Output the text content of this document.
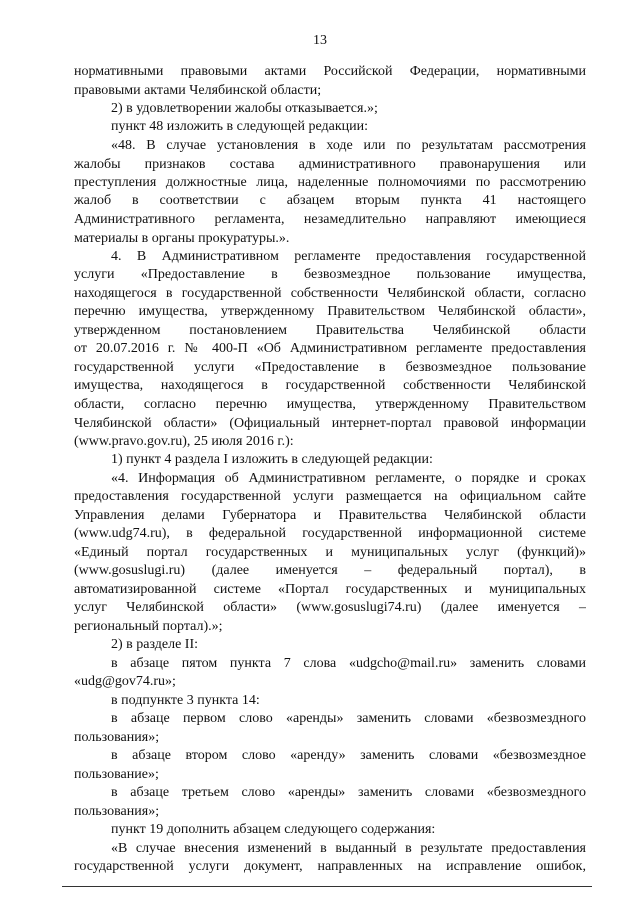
13
нормативными правовыми актами Российской Федерации, нормативными
правовыми актами Челябинской области;
2) в удовлетворении жалобы отказывается.»;
пункт 48 изложить в следующей редакции:
«48. В случае установления в ходе или по результатам рассмотрения
жалобы признаков состава административного правонарушения или
преступления должностные лица, наделенные полномочиями по рассмотрению
жалоб в соответствии с абзацем вторым пункта 41 настоящего
Административного регламента, незамедлительно направляют имеющиеся
материалы в органы прокуратуры.».
4. В Административном регламенте предоставления государственной
услуги «Предоставление в безвозмездное пользование имущества,
находящегося в государственной собственности Челябинской области, согласно
перечню имущества, утвержденному Правительством Челябинской области»,
утвержденном постановлением Правительства Челябинской области
от 20.07.2016 г. № 400-П «Об Административном регламенте предоставления
государственной услуги «Предоставление в безвозмездное пользование
имущества, находящегося в государственной собственности Челябинской
области, согласно перечню имущества, утвержденному Правительством
Челябинской области» (Официальный интернет-портал правовой информации
(www.pravo.gov.ru), 25 июля 2016 г.):
1) пункт 4 раздела I изложить в следующей редакции:
«4. Информация об Административном регламенте, о порядке и сроках
предоставления государственной услуги размещается на официальном сайте
Управления делами Губернатора и Правительства Челябинской области
(www.udg74.ru), в федеральной государственной информационной системе
«Единый портал государственных и муниципальных услуг (функций)»
(www.gosuslugi.ru) (далее именуется – федеральный портал), в
автоматизированной системе «Портал государственных и муниципальных
услуг Челябинской области» (www.gosuslugi74.ru) (далее именуется –
региональный портал).»;
2) в разделе II:
в абзаце пятом пункта 7 слова «udgcho@mail.ru» заменить словами
«udg@gov74.ru»;
в подпункте 3 пункта 14:
в абзаце первом слово «аренды» заменить словами «безвозмездного
пользования»;
в абзаце втором слово «аренду» заменить словами «безвозмездное
пользование»;
в абзаце третьем слово «аренды» заменить словами «безвозмездного
пользования»;
пункт 19 дополнить абзацем следующего содержания:
«В случае внесения изменений в выданный в результате предоставления
государственной услуги документ, направленных на исправление ошибок,
